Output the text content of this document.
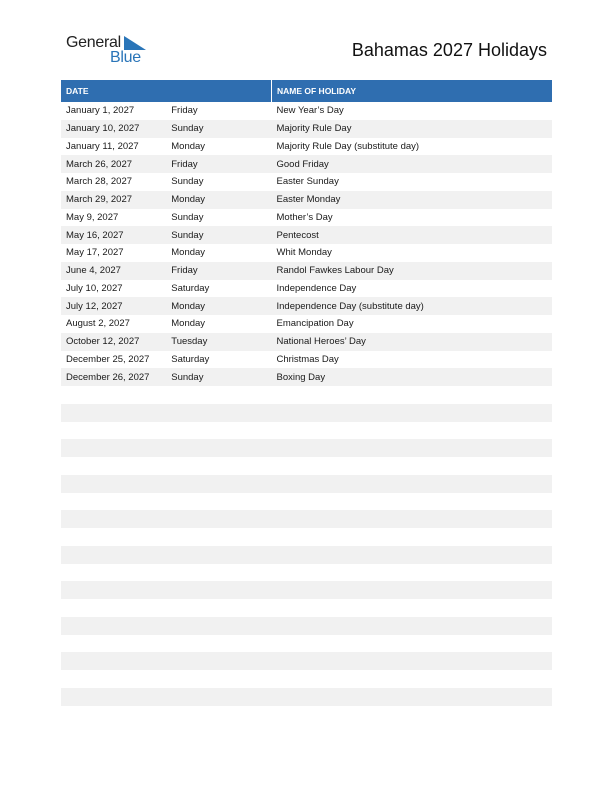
General
Blue	Bahamas 2027 Holidays
DATE		NAME OF HOLIDAY
January 1, 2027	Friday	New Year’s Day
January 10, 2027	Sunday	Majority Rule Day
January 11, 2027	Monday	Majority Rule Day (substitute day)
March 26, 2027	Friday	Good Friday
March 28, 2027	Sunday	Easter Sunday
March 29, 2027	Monday	Easter Monday
May 9, 2027	Sunday	Mother’s Day
May 16, 2027	Sunday	Pentecost
May 17, 2027	Monday	Whit Monday
June 4, 2027	Friday	Randol Fawkes Labour Day
July 10, 2027	Saturday	Independence Day
July 12, 2027	Monday	Independence Day (substitute day)
August 2, 2027	Monday	Emancipation Day
October 12, 2027	Tuesday	National Heroes’ Day
December 25, 2027	Saturday	Christmas Day
December 26, 2027	Sunday	Boxing Day
